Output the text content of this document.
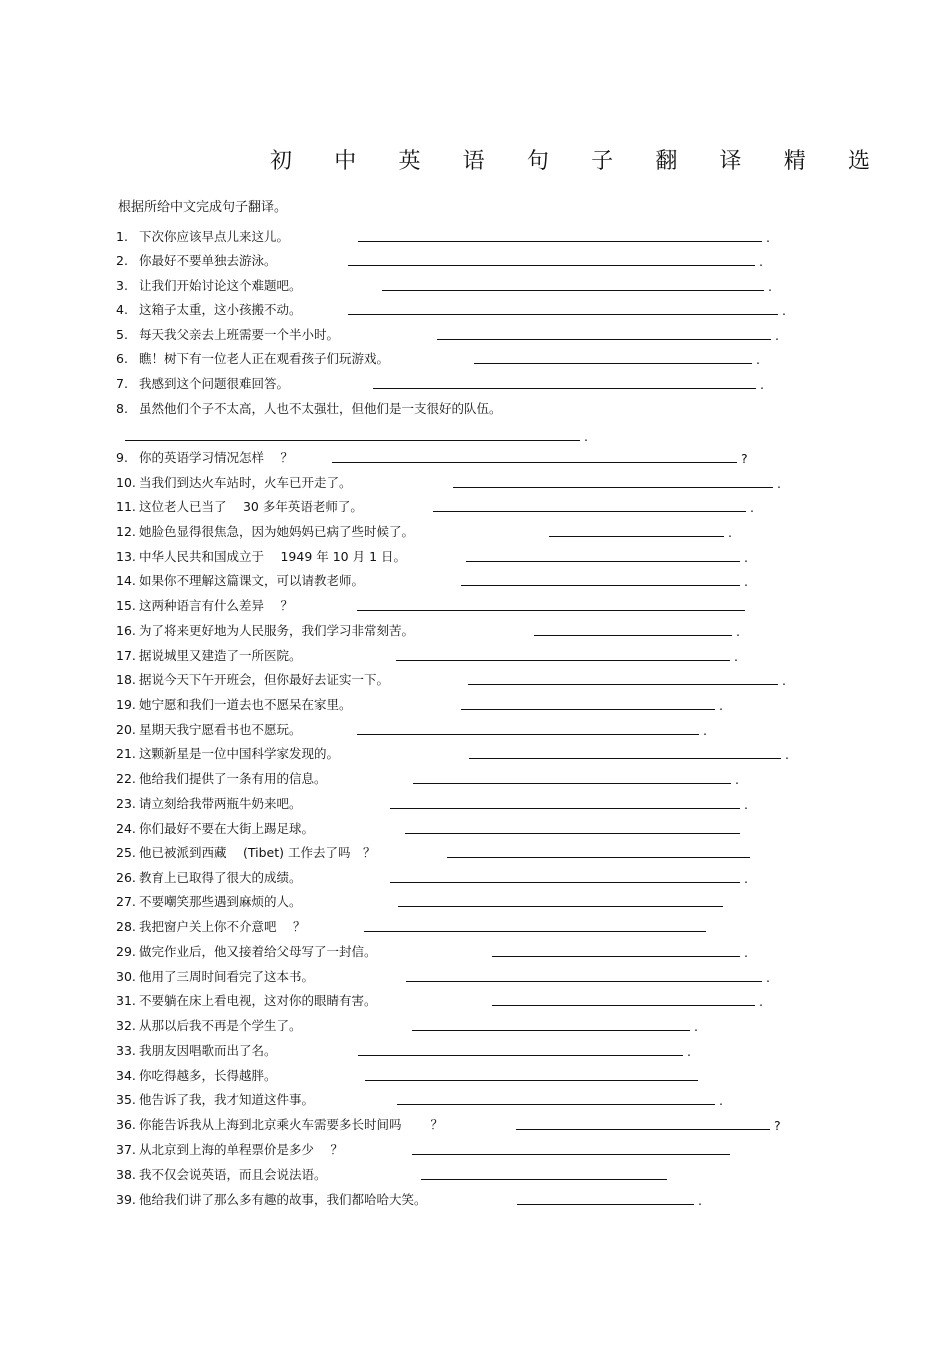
初 中 英 语 句 子 翻 译 精 选
根据所给中文完成句子翻译。
1. 下次你应该早点儿来这儿。	.
2. 你最好不要单独去游泳。	.
3. 让我们开始讨论这个难题吧。	.
4. 这箱子太重，这小孩搬不动。	.
5. 每天我父亲去上班需要一个半小时。	.
6. 瞧！树下有一位老人正在观看孩子们玩游戏。	.
7. 我感到这个问题很难回答。	.
8. 虽然他们个子不太高，人也不太强壮，但他们是一支很好的队伍。
.
9. 你的英语学习情况怎样　 ？	?
10. 当我们到达火车站时，火车已开走了。	.
11. 这位老人已当了　 30 多年英语老师了。	.
12. 她脸色显得很焦急，因为她妈妈已病了些时候了。	.
13. 中华人民共和国成立于　 1949 年 10 月 1 日。	.
14. 如果你不理解这篇课文，可以请教老师。	.
15. 这两种语言有什么差异　 ？
16. 为了将来更好地为人民服务，我们学习非常刻苦。	.
17. 据说城里又建造了一所医院。	.
18. 据说今天下午开班会，但你最好去证实一下。	.
19. 她宁愿和我们一道去也不愿呆在家里。	.
20. 星期天我宁愿看书也不愿玩。	.
21. 这颗新星是一位中国科学家发现的。	.
22. 他给我们提供了一条有用的信息。	.
23. 请立刻给我带两瓶牛奶来吧。	.
24. 你们最好不要在大街上踢足球。
25. 他已被派到西藏　 (Tibet) 工作去了吗　？
26. 教育上已取得了很大的成绩。	.
27. 不要嘲笑那些遇到麻烦的人。
28. 我把窗户关上你不介意吧　 ？
29. 做完作业后，他又接着给父母写了一封信。	.
30. 他用了三周时间看完了这本书。	.
31. 不要躺在床上看电视，这对你的眼睛有害。	.
32. 从那以后我不再是个学生了。	.
33. 我朋友因唱歌而出了名。	.
34. 你吃得越多，长得越胖。
35. 他告诉了我，我才知道这件事。	.
36. 你能告诉我从上海到北京乘火车需要多长时间吗　　 ？	?
37. 从北京到上海的单程票价是多少　 ？
38. 我不仅会说英语，而且会说法语。
39. 他给我们讲了那么多有趣的故事，我们都哈哈大笑。	.
